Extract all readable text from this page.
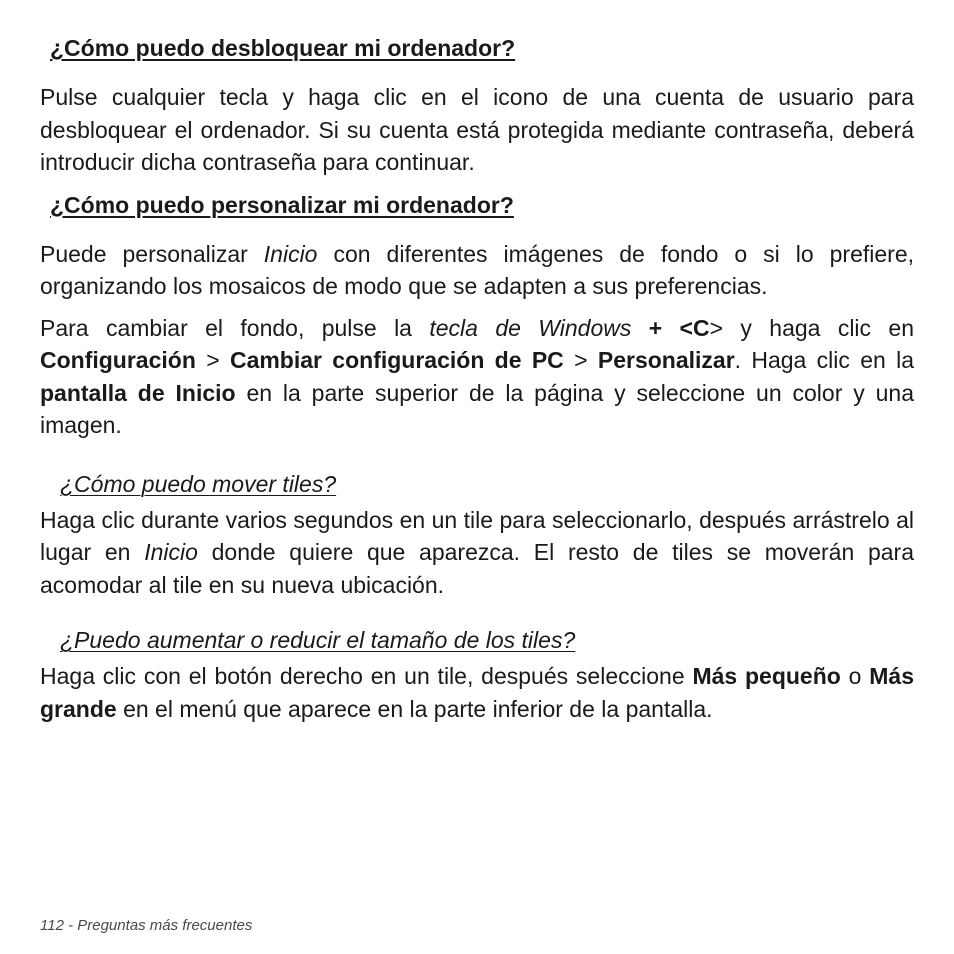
¿Cómo puedo desbloquear mi ordenador?

Pulse cualquier tecla y haga clic en el icono de una cuenta de usuario para desbloquear el ordenador. Si su cuenta está protegida mediante contraseña, deberá introducir dicha contraseña para continuar.

¿Cómo puedo personalizar mi ordenador?

Puede personalizar Inicio con diferentes imágenes de fondo o si lo prefiere, organizando los mosaicos de modo que se adapten a sus preferencias.

Para cambiar el fondo, pulse la tecla de Windows + <C> y haga clic en Configuración > Cambiar configuración de PC > Personalizar. Haga clic en la pantalla de Inicio en la parte superior de la página y seleccione un color y una imagen.

¿Cómo puedo mover tiles?

Haga clic durante varios segundos en un tile para seleccionarlo, después arrástrelo al lugar en Inicio donde quiere que aparezca. El resto de tiles se moverán para acomodar al tile en su nueva ubicación.

¿Puedo aumentar o reducir el tamaño de los tiles?

Haga clic con el botón derecho en un tile, después seleccione Más pequeño o Más grande en el menú que aparece en la parte inferior de la pantalla.

112 - Preguntas más frecuentes
